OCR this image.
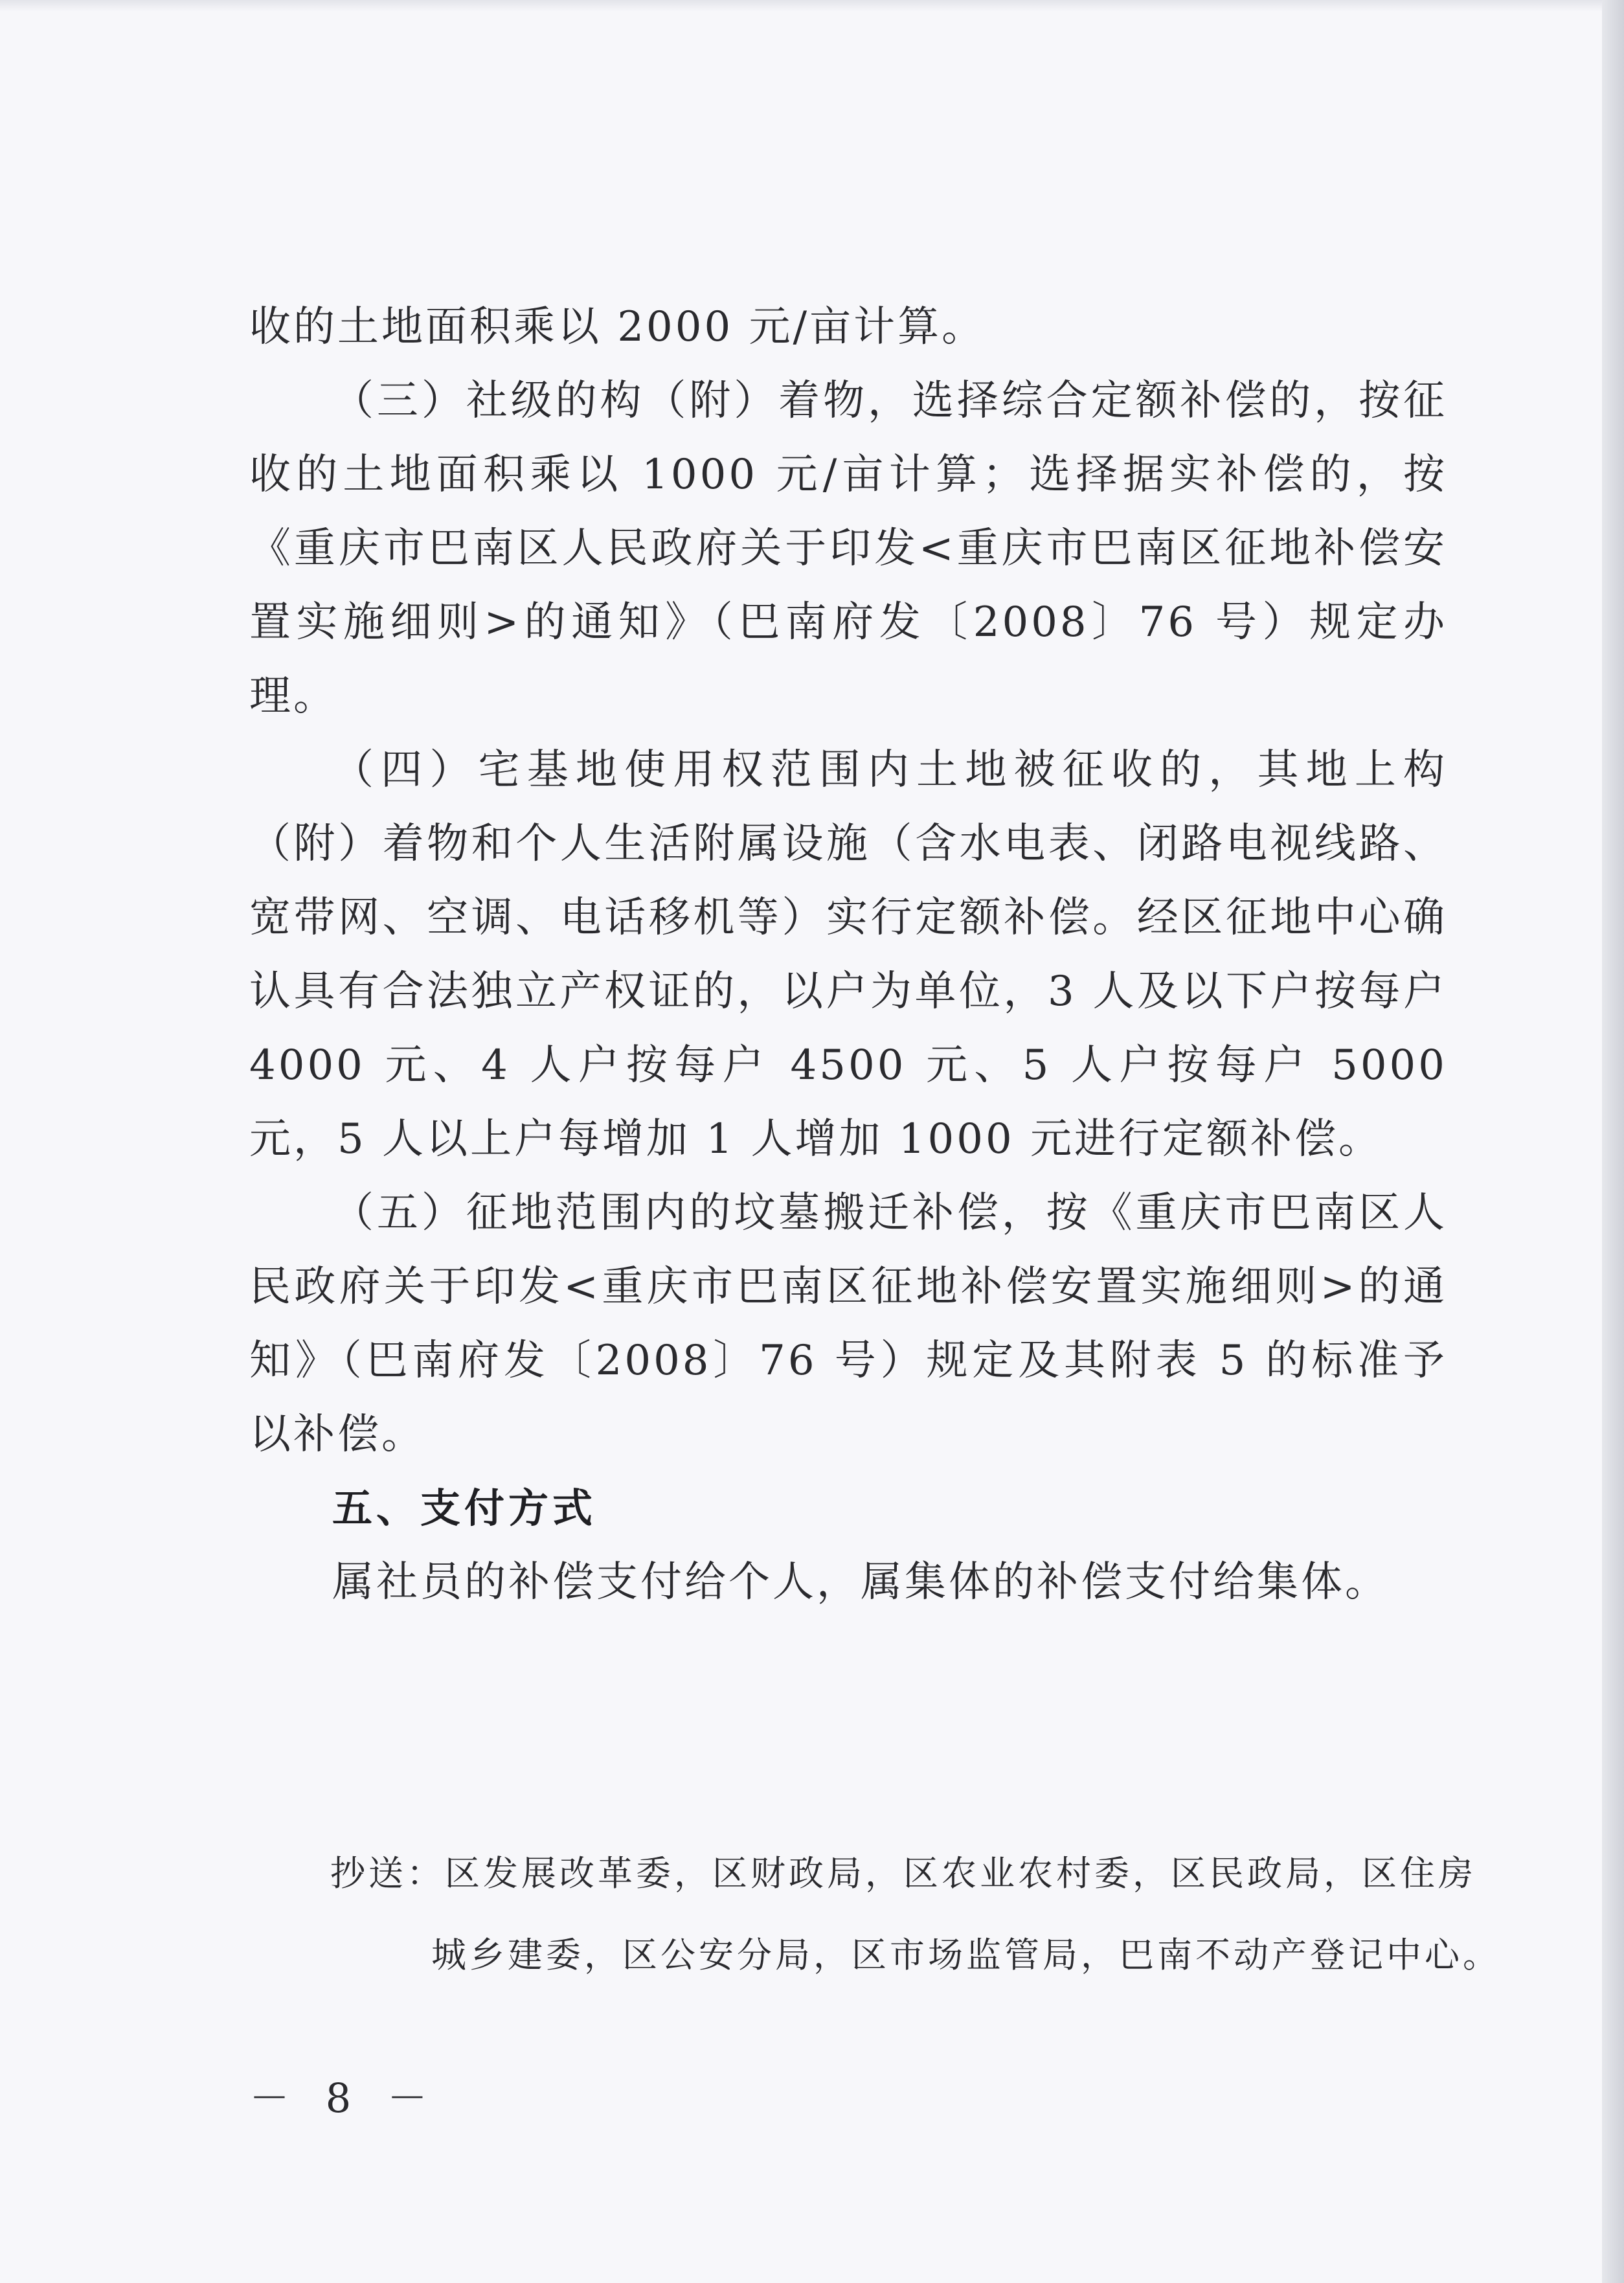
收的土地面积乘以 2000 元/亩计算。

（三）社级的构（附）着物，选择综合定额补偿的，按征收的土地面积乘以 1000 元/亩计算；选择据实补偿的，按《重庆市巴南区人民政府关于印发<重庆市巴南区征地补偿安置实施细则>的通知》（巴南府发〔2008〕76 号）规定办理。

（四）宅基地使用权范围内土地被征收的，其地上构（附）着物和个人生活附属设施（含水电表、闭路电视线路、宽带网、空调、电话移机等）实行定额补偿。经区征地中心确认具有合法独立产权证的，以户为单位，3 人及以下户按每户 4000 元、4 人户按每户 4500 元、5 人户按每户 5000 元，5 人以上户每增加 1 人增加 1000 元进行定额补偿。

（五）征地范围内的坟墓搬迁补偿，按《重庆市巴南区人民政府关于印发<重庆市巴南区征地补偿安置实施细则>的通知》（巴南府发〔2008〕76 号）规定及其附表 5 的标准予以补偿。

五、支付方式

属社员的补偿支付给个人，属集体的补偿支付给集体。

抄送：区发展改革委，区财政局，区农业农村委，区民政局，区住房
城乡建委，区公安分局，区市场监管局，巴南不动产登记中心。
－ 8 －
